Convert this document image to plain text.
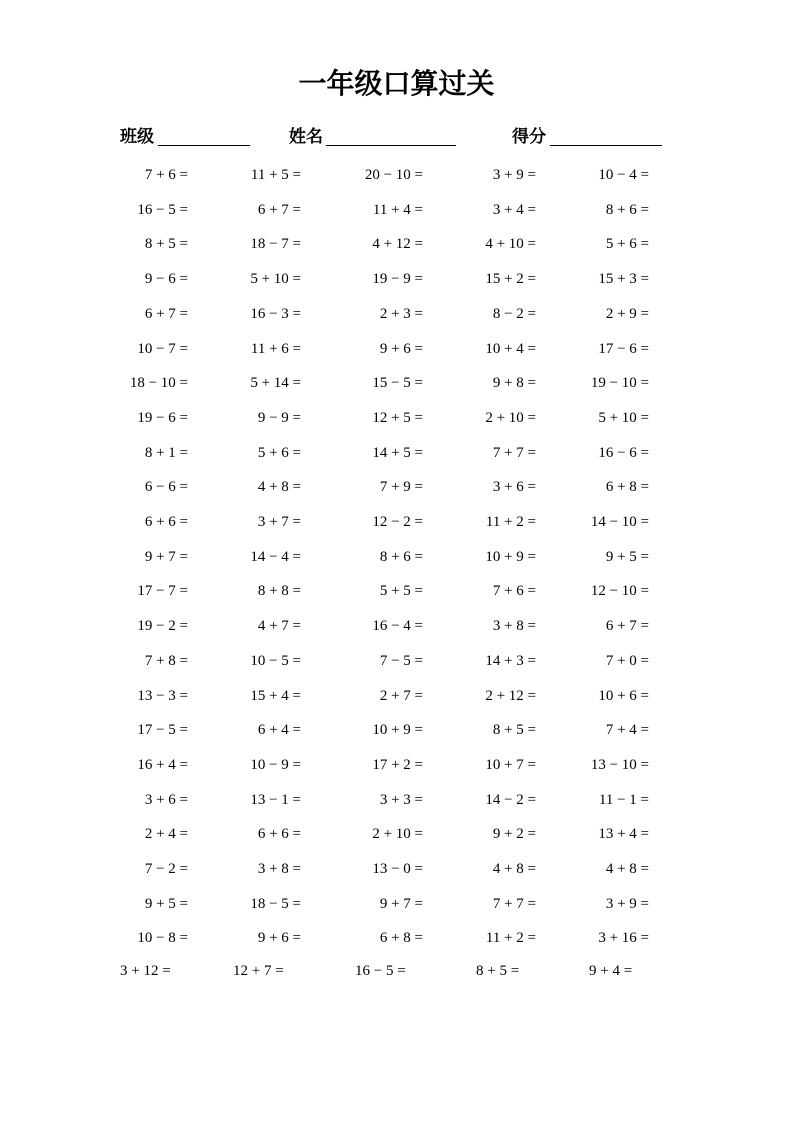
一年级口算过关
班级	姓名	得分
7 + 6 =	11 + 5 =	20 − 10 =	3 + 9 =	10 − 4 =
16 − 5 =	6 + 7 =	11 + 4 =	3 + 4 =	8 + 6 =
8 + 5 =	18 − 7 =	4 + 12 =	4 + 10 =	5 + 6 =
9 − 6 =	5 + 10 =	19 − 9 =	15 + 2 =	15 + 3 =
6 + 7 =	16 − 3 =	2 + 3 =	8 − 2 =	2 + 9 =
10 − 7 =	11 + 6 =	9 + 6 =	10 + 4 =	17 − 6 =
18 − 10 =	5 + 14 =	15 − 5 =	9 + 8 =	19 − 10 =
19 − 6 =	9 − 9 =	12 + 5 =	2 + 10 =	5 + 10 =
8 + 1 =	5 + 6 =	14 + 5 =	7 + 7 =	16 − 6 =
6 − 6 =	4 + 8 =	7 + 9 =	3 + 6 =	6 + 8 =
6 + 6 =	3 + 7 =	12 − 2 =	11 + 2 =	14 − 10 =
9 + 7 =	14 − 4 =	8 + 6 =	10 + 9 =	9 + 5 =
17 − 7 =	8 + 8 =	5 + 5 =	7 + 6 =	12 − 10 =
19 − 2 =	4 + 7 =	16 − 4 =	3 + 8 =	6 + 7 =
7 + 8 =	10 − 5 =	7 − 5 =	14 + 3 =	7 + 0 =
13 − 3 =	15 + 4 =	2 + 7 =	2 + 12 =	10 + 6 =
17 − 5 =	6 + 4 =	10 + 9 =	8 + 5 =	7 + 4 =
16 + 4 =	10 − 9 =	17 + 2 =	10 + 7 =	13 − 10 =
3 + 6 =	13 − 1 =	3 + 3 =	14 − 2 =	11 − 1 =
2 + 4 =	6 + 6 =	2 + 10 =	9 + 2 =	13 + 4 =
7 − 2 =	3 + 8 =	13 − 0 =	4 + 8 =	4 + 8 =
9 + 5 =	18 − 5 =	9 + 7 =	7 + 7 =	3 + 9 =
10 − 8 =	9 + 6 =	6 + 8 =	11 + 2 =	3 + 16 =
3 + 12 =	12 + 7 =	16 − 5 =	8 + 5 =	9 + 4 =
